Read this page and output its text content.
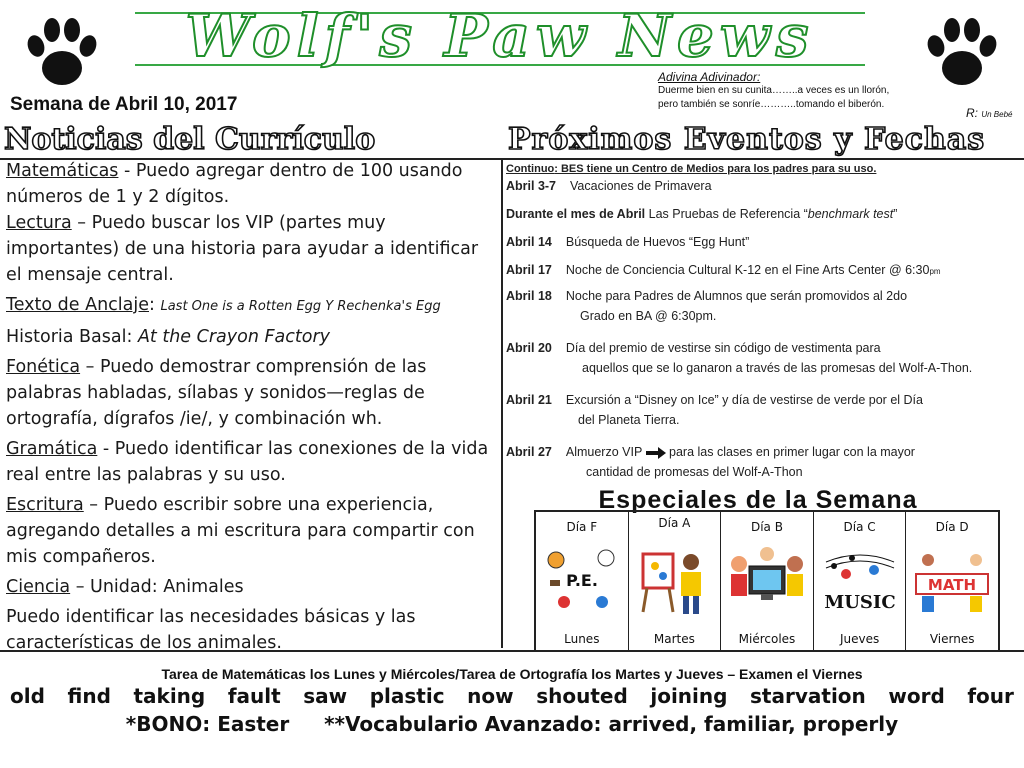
Wolf's Paw News
Semana de Abril 10, 2017
Adivina Adivinador:
Duerme bien en su cunita……..a veces es un llorón,
pero también se sonríe………..tomando el biberón.
R: Un Bebé
Noticias del Currículo	Próximos Eventos y Fechas

Matemáticas - Puedo agregar dentro de 100 usando números de 1 y 2 dígitos.

Lectura – Puedo buscar los VIP (partes muy importantes) de una historia para ayudar a identificar el mensaje central.

Texto de Anclaje: Last One is a Rotten Egg Y Rechenka's Egg

Historia Basal: At the Crayon Factory

Fonética – Puedo demostrar comprensión de las palabras habladas, sílabas y sonidos—reglas de ortografía, dígrafos /ie/, y combinación wh.

Gramática - Puedo identificar las conexiones de la vida real entre las palabras y su uso.

Escritura – Puedo escribir sobre una experiencia, agregando detalles a mi escritura para compartir con mis compañeros.

Ciencia – Unidad: Animales

Puedo identificar las necesidades básicas y las características de los animales.

Continuo: BES tiene un Centro de Medios para los padres para su uso.
Abril 3-7 Vacaciones de Primavera
Durante el mes de Abril Las Pruebas de Referencia “benchmark test”
Abril 14 Búsqueda de Huevos “Egg Hunt”
Abril 17 Noche de Conciencia Cultural K-12 en el Fine Arts Center @ 6:30pm
Abril 18 Noche para Padres de Alumnos que serán promovidos al 2do
Grado en BA @ 6:30pm.
Abril 20 Día del premio de vestirse sin código de vestimenta para
aquellos que se lo ganaron a través de las promesas del Wolf-A-Thon.
Abril 21 Excursión a “Disney on Ice” y día de vestirse de verde por el Día
del Planeta Tierra.
Abril 27 Almuerzo VIP para las clases en primer lugar con la mayor
cantidad de promesas del Wolf-A-Thon
Especiales de la Semana
Día F
P.E.
Lunes
Día A
Martes
Día B
Miércoles
Día C
MUSIC
Jueves
Día D
MATH
Viernes
Tarea de Matemáticas los Lunes y Miércoles/Tarea de Ortografía los Martes y Jueves – Examen el Viernes
old find taking fault saw plastic now shouted joining starvation word four
*BONO: Easter **Vocabulario Avanzado: arrived, familiar, properly
